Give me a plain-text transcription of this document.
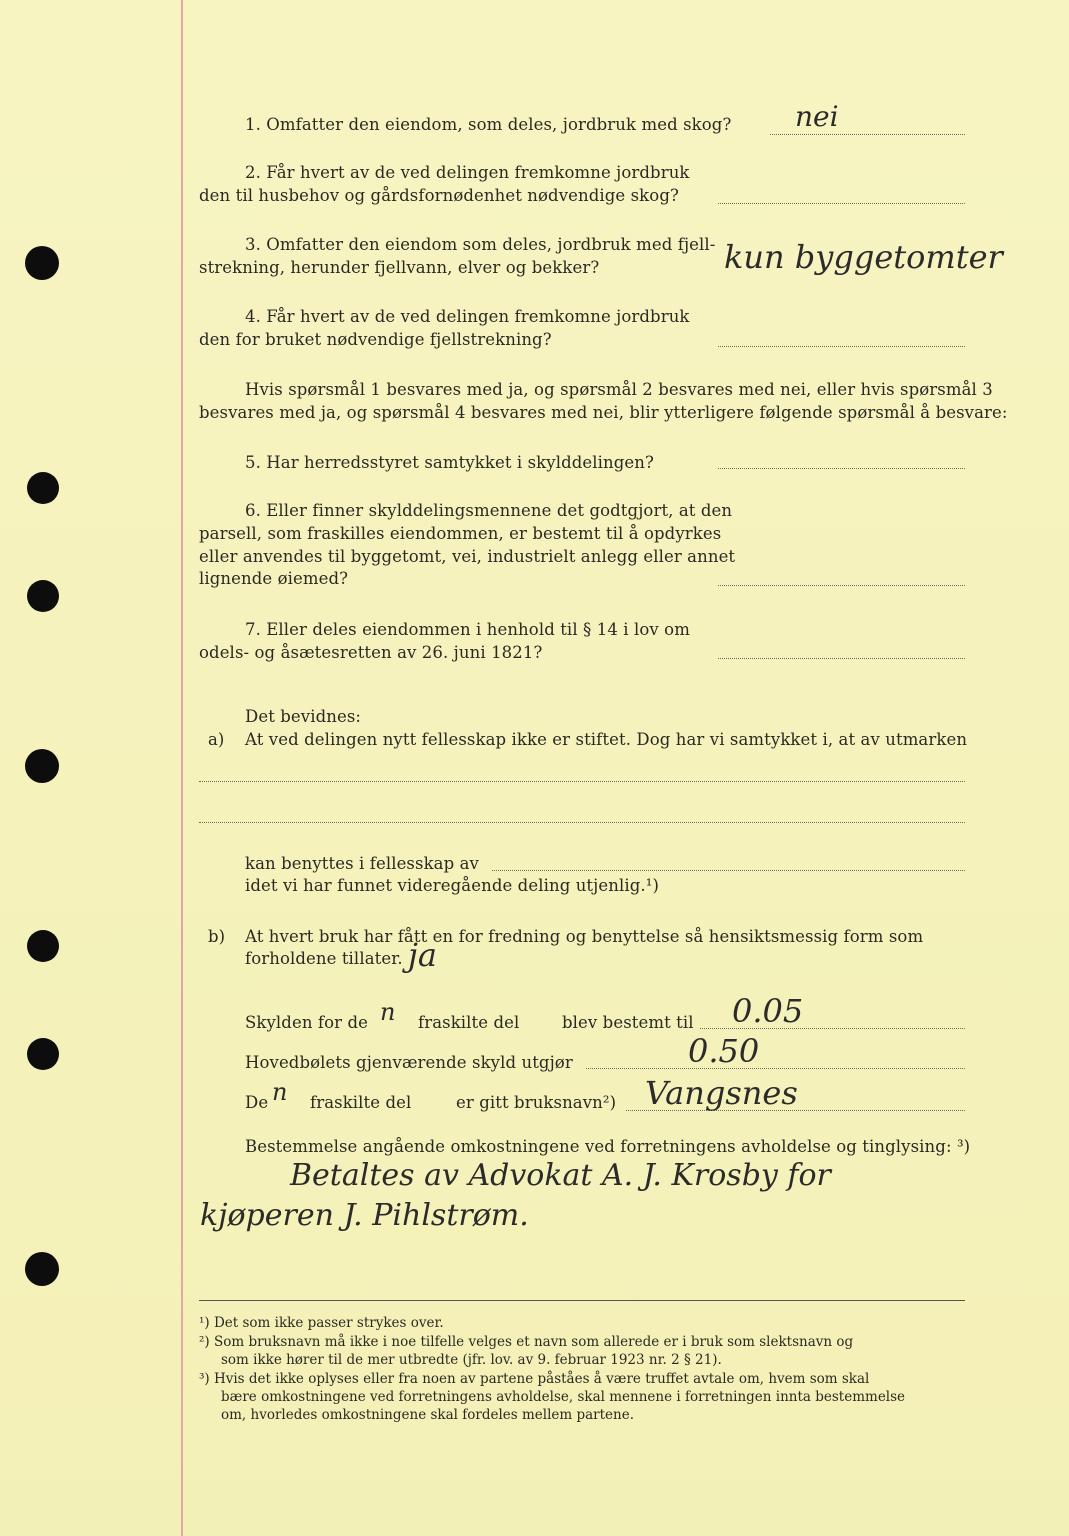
1. Omfatter den eiendom, som deles, jordbruk med skog? nei
2. Får hvert av de ved delingen fremkomne jordbruk
den til husbehov og gårdsfornødenhet nødvendige skog?
3. Omfatter den eiendom som deles, jordbruk med fjell-
strekning, herunder fjellvann, elver og bekker?	kun byggetomter
4. Får hvert av de ved delingen fremkomne jordbruk
den for bruket nødvendige fjellstrekning?
Hvis spørsmål 1 besvares med ja, og spørsmål 2 besvares med nei, eller hvis spørsmål 3
besvares med ja, og spørsmål 4 besvares med nei, blir ytterligere følgende spørsmål å besvare:
5. Har herredsstyret samtykket i skylddelingen?
6. Eller finner skylddelingsmennene det godtgjort, at den
parsell, som fraskilles eiendommen, er bestemt til å opdyrkes
eller anvendes til byggetomt, vei, industrielt anlegg eller annet
lignende øiemed?
7. Eller deles eiendommen i henhold til § 14 i lov om
odels- og åsætesretten av 26. juni 1821?
Det bevidnes:
a) At ved delingen nytt fellesskap ikke er stiftet. Dog har vi samtykket i, at av utmarken
kan benyttes i fellesskap av
idet vi har funnet videregående deling utjenlig.¹)
b) At hvert bruk har fått en for fredning og benyttelse så hensiktsmessig form som
forholdene tillater. ja
Skylden for de n fraskilte del	blev bestemt til 0.05
Hovedbølets gjenværende skyld utgjør	0.50
De n fraskilte del	er gitt bruksnavn²) Vangsnes
Bestemmelse angående omkostningene ved forretningens avholdelse og tinglysing: ³)
Betaltes av Advokat A. J. Krosby for
kjøperen J. Pihlstrøm.
¹) Det som ikke passer strykes over.
²) Som bruksnavn må ikke i noe tilfelle velges et navn som allerede er i bruk som slektsnavn og
som ikke hører til de mer utbredte (jfr. lov. av 9. februar 1923 nr. 2 § 21).
³) Hvis det ikke oplyses eller fra noen av partene påståes å være truffet avtale om, hvem som skal
bære omkostningene ved forretningens avholdelse, skal mennene i forretningen innta bestemmelse
om, hvorledes omkostningene skal fordeles mellem partene.
